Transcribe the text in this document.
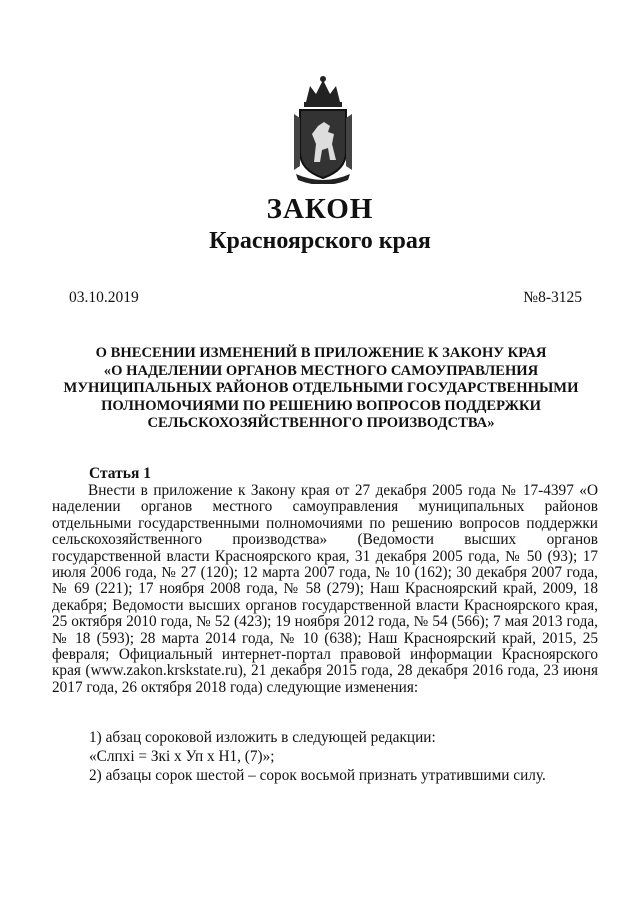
ЗАКОН
Красноярского края
03.10.2019	№8-3125
О ВНЕСЕНИИ ИЗМЕНЕНИЙ В ПРИЛОЖЕНИЕ К ЗАКОНУ КРАЯ
«О НАДЕЛЕНИИ ОРГАНОВ МЕСТНОГО САМОУПРАВЛЕНИЯ
МУНИЦИПАЛЬНЫХ РАЙОНОВ ОТДЕЛЬНЫМИ ГОСУДАРСТВЕННЫМИ
ПОЛНОМОЧИЯМИ ПО РЕШЕНИЮ ВОПРОСОВ ПОДДЕРЖКИ
СЕЛЬСКОХОЗЯЙСТВЕННОГО ПРОИЗВОДСТВА»
Статья 1
Внести в приложение к Закону края от 27 декабря 2005 года № 17-4397 «О наделении органов местного самоуправления муниципальных районов отдельными государственными полномочиями по решению вопросов поддержки сельскохозяйственного производства» (Ведомости высших органов государственной власти Красноярского края, 31 декабря 2005 года, № 50 (93); 17 июля 2006 года, № 27 (120); 12 марта 2007 года, № 10 (162); 30 декабря 2007 года, № 69 (221); 17 ноября 2008 года, № 58 (279); Наш Красноярский край, 2009, 18 декабря; Ведомости высших органов государственной власти Красноярского края, 25 октября 2010 года, № 52 (423); 19 ноября 2012 года, № 54 (566); 7 мая 2013 года, № 18 (593); 28 марта 2014 года, № 10 (638); Наш Красноярский край, 2015, 25 февраля; Официальный интернет-портал правовой информации Красноярского края (www.zakon.krskstate.ru), 21 декабря 2015 года, 28 декабря 2016 года, 23 июня 2017 года, 26 октября 2018 года) следующие изменения:
1) абзац сороковой изложить в следующей редакции:
«Слпхі = Зкі х Уп х Н1, (7)»;
2) абзацы сорок шестой – сорок восьмой признать утратившими силу.
